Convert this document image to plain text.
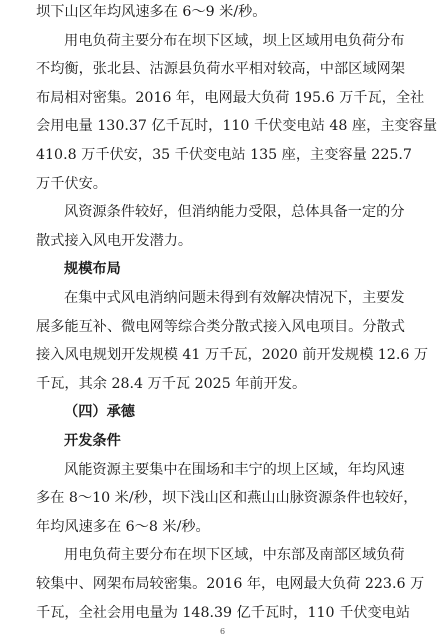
坝下山区年均风速多在 6～9 米/秒。
用电负荷主要分布在坝下区域，坝上区域用电负荷分布
不均衡，张北县、沽源县负荷水平相对较高，中部区域网架
布局相对密集。2016 年，电网最大负荷 195.6 万千瓦，全社
会用电量 130.37 亿千瓦时，110 千伏变电站 48 座，主变容量
410.8 万千伏安，35 千伏变电站 135 座，主变容量 225.7
万千伏安。
风资源条件较好，但消纳能力受限，总体具备一定的分
散式接入风电开发潜力。
规模布局
在集中式风电消纳问题未得到有效解决情况下，主要发
展多能互补、微电网等综合类分散式接入风电项目。分散式
接入风电规划开发规模 41 万千瓦，2020 前开发规模 12.6 万
千瓦，其余 28.4 万千瓦 2025 年前开发。
（四）承德
开发条件
风能资源主要集中在围场和丰宁的坝上区域，年均风速
多在 8～10 米/秒，坝下浅山区和燕山山脉资源条件也较好，
年均风速多在 6～8 米/秒。
用电负荷主要分布在坝下区域，中东部及南部区域负荷
较集中、网架布局较密集。2016 年，电网最大负荷 223.6 万
千瓦，全社会用电量为 148.39 亿千瓦时，110 千伏变电站
6
